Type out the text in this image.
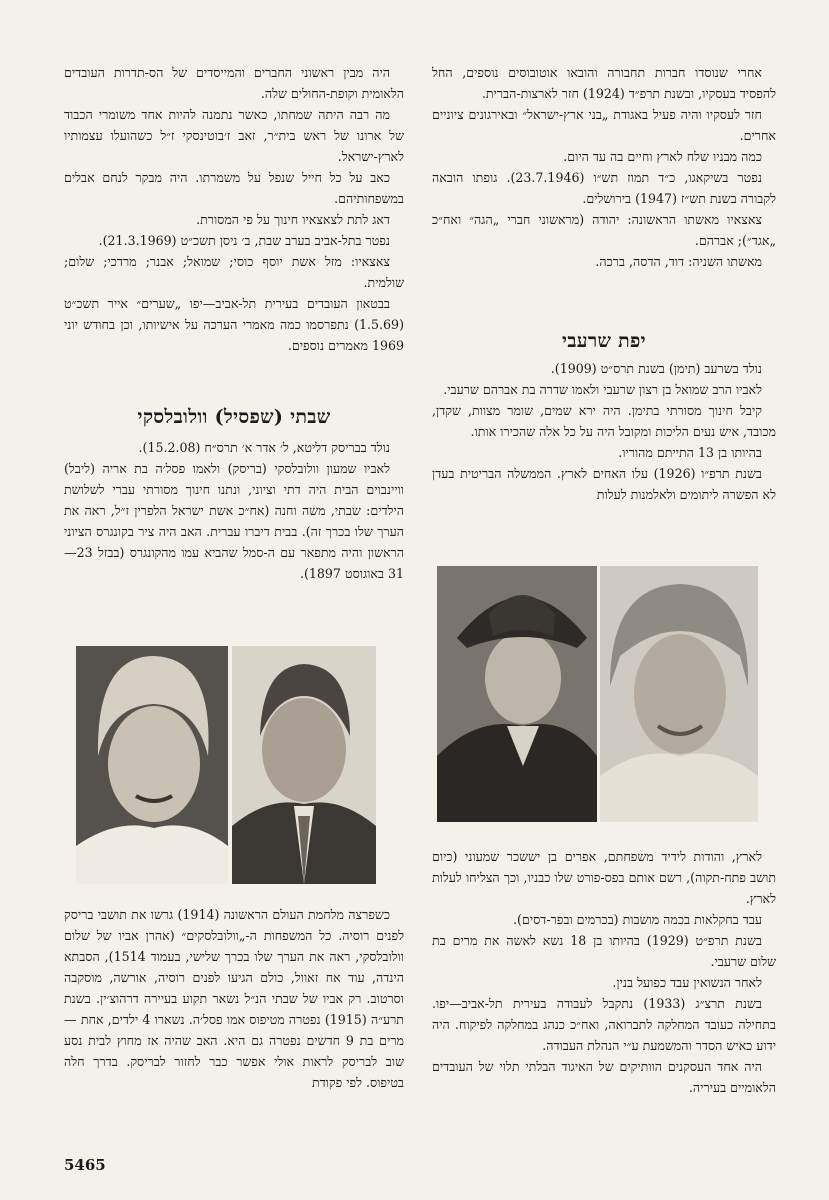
אחרי שנוסדו חברות תחבורה והובאו אוטובוסים נוספים, החל להפסיד בעסקיו, ובשנת תרפ״ד (1924) חזר לארצות-הברית.

חזר לעסקיו והיה פעיל באגודת „בני ארץ-ישראל״ ובאירגונים ציוניים אחרים.

כמה מבניו שלח לארץ וחיים בה עד היום.

נפטר בשיקאגו, כ״ד תמוז תש״ו (23.7.1946). גופתו הובאה לקבורה בשנת תש״ז (1947) בירושלים.

צאצאיו מאשתו הראשונה: יהודה (מראשוני חברי „הגה״ ואח״כ „אגד״); אברהם.

מאשתו השניה: דוד, הדסה, ברכה.

היה מבין ראשוני החברים והמייסדים של הס-תדרות העובדים הלאומית וקופת-החולים שלה.

מה רבה היתה שמחתו, כאשר נתמנה להיות אחד משומרי הכבוד של ארונו של ראש בית״ר, זאב ז׳בוטינסקי ז״ל כשהועלו עצמותיו לארץ-ישראל.

כאב על כל חייל שנפל על משמרתו. היה מבקר לנחם אבלים במשפחותיהם.

דאג לתת לצאצאיו חינוך על פי המסורת.

נפטר בתל-אביב בערב שבת, ב׳ ניסן תשכ״ט (21.3.1969).

צאצאיו: מזל אשת יוסף כוסי; שמואל; אבנר; מרדכי; שלום; שולמית.

בבטאון העובדים בעירית תל-אביב—יפו „שערים״ אייר תשכ״ט (1.5.69) נתפרסמו כמה מאמרי הערכה על אישיותו, וכן בחודש יוני 1969 מאמרים נוספים.	יפת שרעבי
שבתי (שפסיל) וולובלסקי

נולד בשרעב (תימן) בשנת תרס״ט (1909).

לאביו הרב שמואל בן רצון שרעבי ולאמו שדרה בת אברהם שרעבי.

קיבל חינוך מסורתי בתימן. היה ירא שמים, שומר מצוות, שקדן, מכובד, איש נעים הליכות ומקובל היה על כל אלה שהכירו אותו.

בהיותו בן 13 התייתם מהוריו.

בשנת תרפ״ו (1926) עלו האחים לארץ. הממשלה הבריטית בעדן לא הפשרה ליתומים ולאלמנות לעלות

נולד בבריסק דליטא, ל׳ אדר א׳ תרס״ח (15.2.08).

לאביו שמעון וולובלסקי (בריסק) ולאמו פסל׳ה בת אריה (ליבל) וויינבוים הבית היה דתי וציוני, ונתנו חינוך מסורתי עברי לשלושת הילדים: שבתי, משה וחנה (אח״כ אשת ישראל הלפרין ז״ל, ראה את הערך שלו בכרך זה). בבית דיברו עברית. האב היה ציר בקונגרס הציוני הראשון והיה מתפאר עם ה-סמל שהביא עמו מהקונגרס (בבזל 23—31 באוגוסט 1897).

לארץ, והודות לידיד משפחתם, אפרים בן יששכר שמעוני (כיום תושב פתח-תקוה), רשם אותם בפס-פורט שלו כבניו, וכך הצליחו לעלות לארץ.

עבד בחקלאות בכמה מושבות (בכרמים ובפר-דסים).

בשנת תרפ״ט (1929) בהיותו בן 18 נשא לאשה את מרים בת שלום שרעבי.

לאחר הנשואין עבד כפועל בנין.

בשנת תרצ״ג (1933) נתקבל לעבודה בעירית תל-אביב—יפו. בתחילה כעובד המחלקה לתברואה, ואח״כ כנהג במחלקה לפיקוח. היה ידוע כאיש הסדר והמשמעת ע״י הנהלת העבודה.

היה אחד העסקנים הוותיקים של האיגוד הבלתי תלוי של העובדים הלאומיים בעיריה.

כשפרצה מלחמת העולם הראשונה (1914) גרשו את תושבי בריסק לפנים רוסיה. כל המשפחות ה-„וולובלסקים״ (אהרן אביו של שלום וולובלסקי, ראה את הערך שלו בכרך שלישי, בעמוד 1514), הסבתא הינדה, עוד אח זאוול, כולם הגיעו לפנים רוסיה, אורשה, מוסקבה וסרטוב. רק אביו של שבתי הנ״ל נשאר תקוע בעיירה דרהוצ׳ין. בשנת תרע״ה (1915) נפטרה מטיפוס אמו פסל׳ה. נשארו 4 ילדים, אחת — מרים בת 9 חדשים נפטרה גם היא. האב שהיה אז מחוץ לבית נסע שוב לבריסק לראות אולי אפשר כבר לחזור לבריסק. בדרך חלה בטיפוס. לפי פקודת

5465
